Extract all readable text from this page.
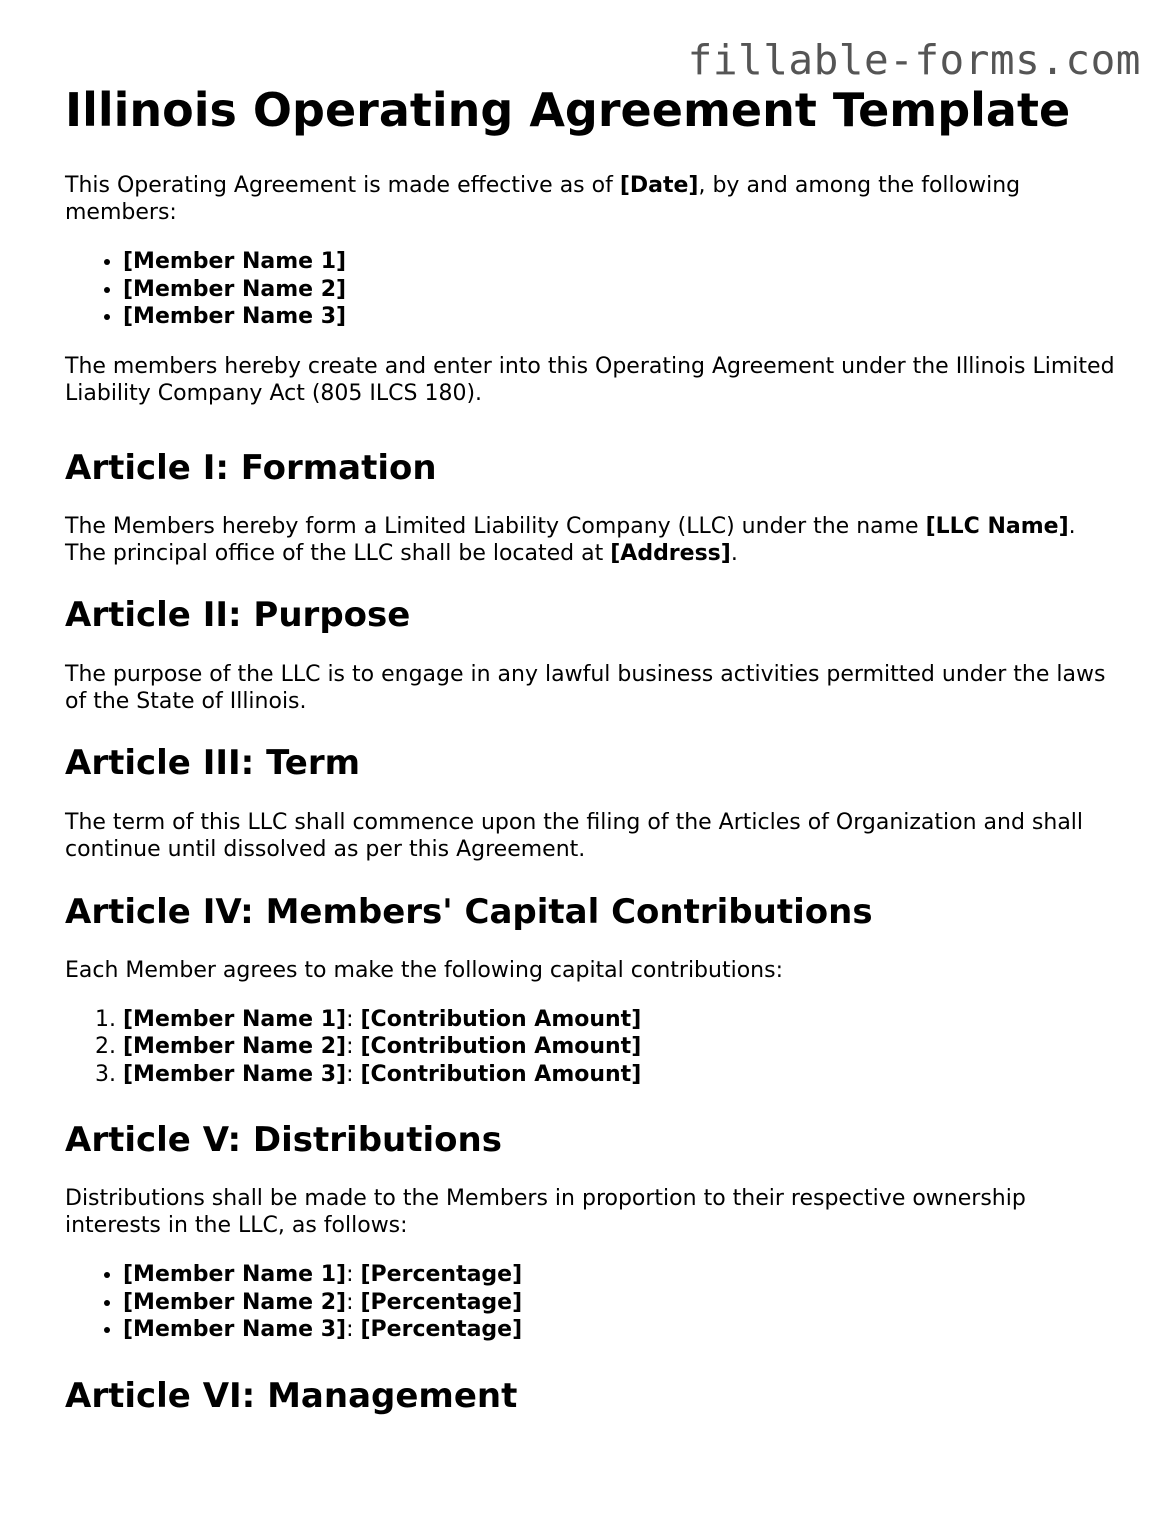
fillable-forms.com
Illinois Operating Agreement Template

This Operating Agreement is made effective as of [Date], by and among the following members:

• [Member Name 1]
• [Member Name 2]
• [Member Name 3]

The members hereby create and enter into this Operating Agreement under the Illinois Limited Liability Company Act (805 ILCS 180).

Article I: Formation

The Members hereby form a Limited Liability Company (LLC) under the name [LLC Name]. The principal office of the LLC shall be located at [Address].

Article II: Purpose

The purpose of the LLC is to engage in any lawful business activities permitted under the laws of the State of Illinois.

Article III: Term

The term of this LLC shall commence upon the filing of the Articles of Organization and shall continue until dissolved as per this Agreement.

Article IV: Members' Capital Contributions

Each Member agrees to make the following capital contributions:

1. [Member Name 1]: [Contribution Amount]
2. [Member Name 2]: [Contribution Amount]
3. [Member Name 3]: [Contribution Amount]
Article V: Distributions

Distributions shall be made to the Members in proportion to their respective ownership interests in the LLC, as follows:

• [Member Name 1]: [Percentage]
• [Member Name 2]: [Percentage]
• [Member Name 3]: [Percentage]
Article VI: Management
